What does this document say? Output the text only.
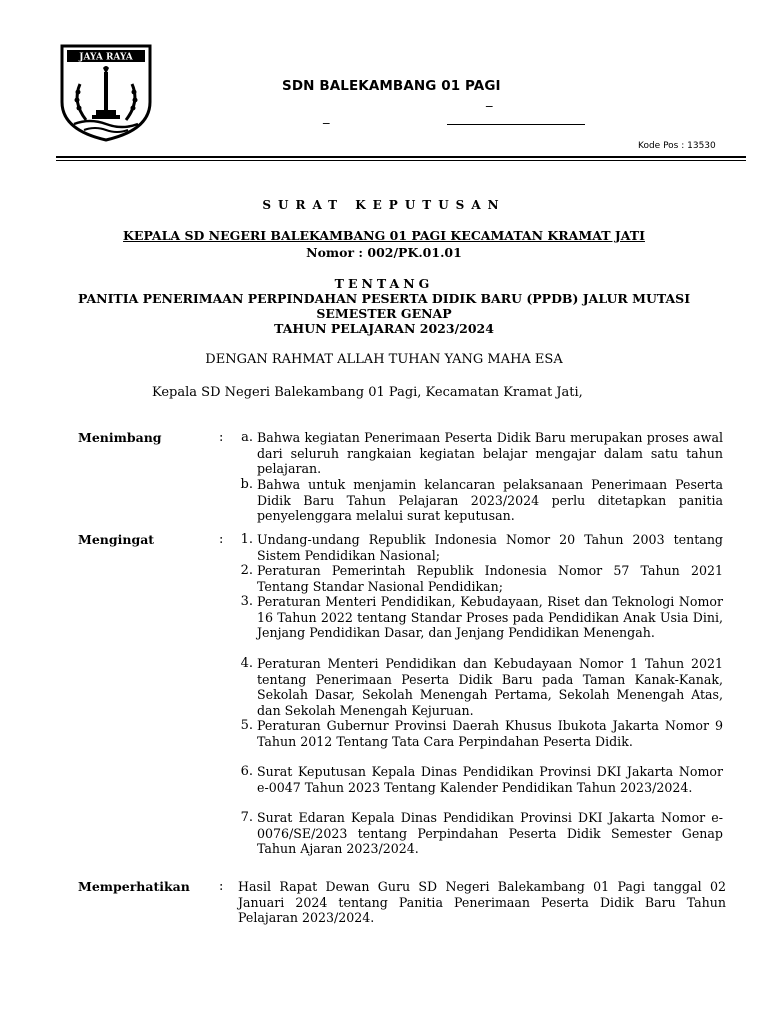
JAYA RAYA
SDN BALEKAMBANG 01 PAGI
_
_
Kode Pos : 13530
SURAT KEPUTUSAN
KEPALA SD NEGERI BALEKAMBANG 01 PAGI KECAMATAN KRAMAT JATI
Nomor : 002/PK.01.01
TENTANG
PANITIA PENERIMAAN PERPINDAHAN PESERTA DIDIK BARU (PPDB) JALUR MUTASI
SEMESTER GENAP
TAHUN PELAJARAN 2023/2024
DENGAN RAHMAT ALLAH TUHAN YANG MAHA ESA
Kepala SD Negeri Balekambang 01 Pagi, Kecamatan Kramat Jati,
Menimbang	:	a. Bahwa kegiatan Penerimaan Peserta Didik Baru merupakan proses awal dari seluruh rangkaian kegiatan belajar mengajar dalam satu tahun pelajaran.
b. Bahwa untuk menjamin kelancaran pelaksanaan Penerimaan Peserta Didik Baru Tahun Pelajaran 2023/2024 perlu ditetapkan panitia penyelenggara melalui surat keputusan.
Mengingat	:	1. Undang-undang Republik Indonesia Nomor 20 Tahun 2003 tentang Sistem Pendidikan Nasional;
2. Peraturan Pemerintah Republik Indonesia Nomor 57 Tahun 2021 Tentang Standar Nasional Pendidikan;
3. Peraturan Menteri Pendidikan, Kebudayaan, Riset dan Teknologi Nomor 16 Tahun 2022 tentang Standar Proses pada Pendidikan Anak Usia Dini, Jenjang Pendidikan Dasar, dan Jenjang Pendidikan Menengah.
4. Peraturan Menteri Pendidikan dan Kebudayaan Nomor 1 Tahun 2021 tentang Penerimaan Peserta Didik Baru pada Taman Kanak-Kanak, Sekolah Dasar, Sekolah Menengah Pertama, Sekolah Menengah Atas, dan Sekolah Menengah Kejuruan.
5. Peraturan Gubernur Provinsi Daerah Khusus Ibukota Jakarta Nomor 9 Tahun 2012 Tentang Tata Cara Perpindahan Peserta Didik.
6. Surat Keputusan Kepala Dinas Pendidikan Provinsi DKI Jakarta Nomor e-0047 Tahun 2023 Tentang Kalender Pendidikan Tahun 2023/2024.
7. Surat Edaran Kepala Dinas Pendidikan Provinsi DKI Jakarta Nomor e-0076/SE/2023 tentang Perpindahan Peserta Didik Semester Genap Tahun Ajaran 2023/2024.
Memperhatikan : Hasil Rapat Dewan Guru SD Negeri Balekambang 01 Pagi tanggal 02 Januari 2024 tentang Panitia Penerimaan Peserta Didik Baru Tahun Pelajaran 2023/2024.
